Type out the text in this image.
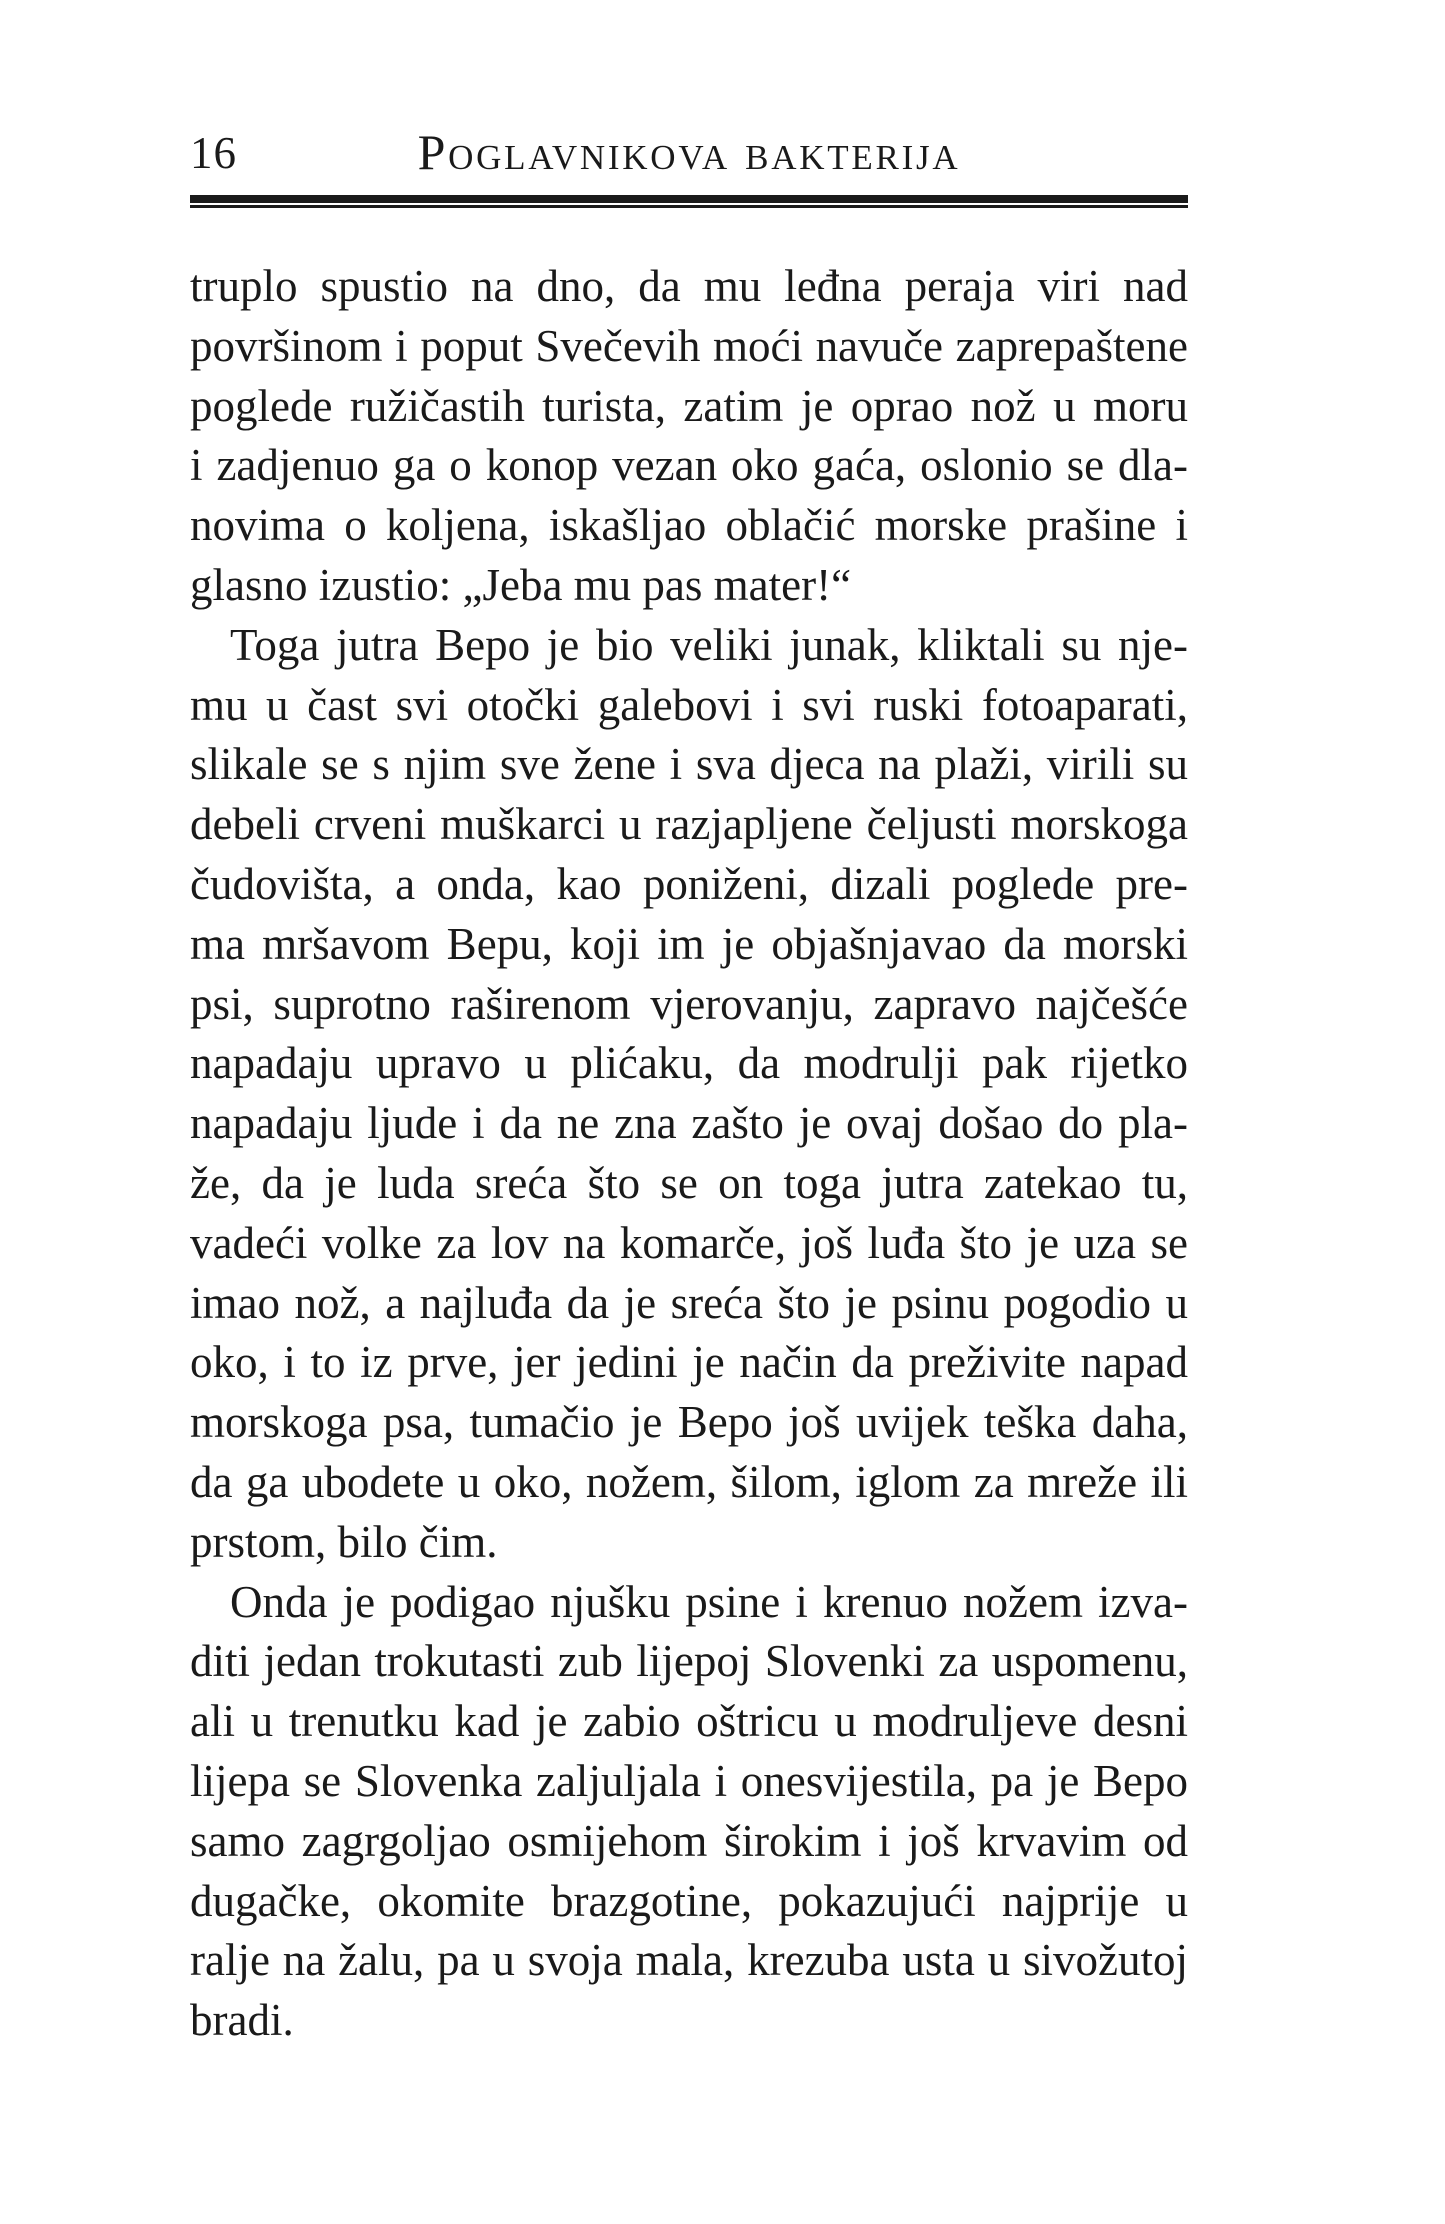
16	Poglavnikova bakterija
truplo spustio na dno, da mu leđna peraja viri nad
površinom i poput Svečevih moći navuče zaprepaštene
poglede ružičastih turista, zatim je oprao nož u moru
i zadjenuo ga o konop vezan oko gaća, oslonio se dla-
novima o koljena, iskašljao oblačić morske prašine i
glasno izustio: „Jeba mu pas mater!“
Toga jutra Bepo je bio veliki junak, kliktali su nje-
mu u čast svi otočki galebovi i svi ruski fotoaparati,
slikale se s njim sve žene i sva djeca na plaži, virili su
debeli crveni muškarci u razjapljene čeljusti morskoga
čudovišta, a onda, kao poniženi, dizali poglede pre-
ma mršavom Bepu, koji im je objašnjavao da morski
psi, suprotno raširenom vjerovanju, zapravo najčešće
napadaju upravo u plićaku, da modrulji pak rijetko
napadaju ljude i da ne zna zašto je ovaj došao do pla-
že, da je luda sreća što se on toga jutra zatekao tu,
vadeći volke za lov na komarče, još luđa što je uza se
imao nož, a najluđa da je sreća što je psinu pogodio u
oko, i to iz prve, jer jedini je način da preživite napad
morskoga psa, tumačio je Bepo još uvijek teška daha,
da ga ubodete u oko, nožem, šilom, iglom za mreže ili
prstom, bilo čim.
Onda je podigao njušku psine i krenuo nožem izva-
diti jedan trokutasti zub lijepoj Slovenki za uspomenu,
ali u trenutku kad je zabio oštricu u modruljeve desni
lijepa se Slovenka zaljuljala i onesvijestila, pa je Bepo
samo zagrgoljao osmijehom širokim i još krvavim od
dugačke, okomite brazgotine, pokazujući najprije u
ralje na žalu, pa u svoja mala, krezuba usta u sivožutoj
bradi.
